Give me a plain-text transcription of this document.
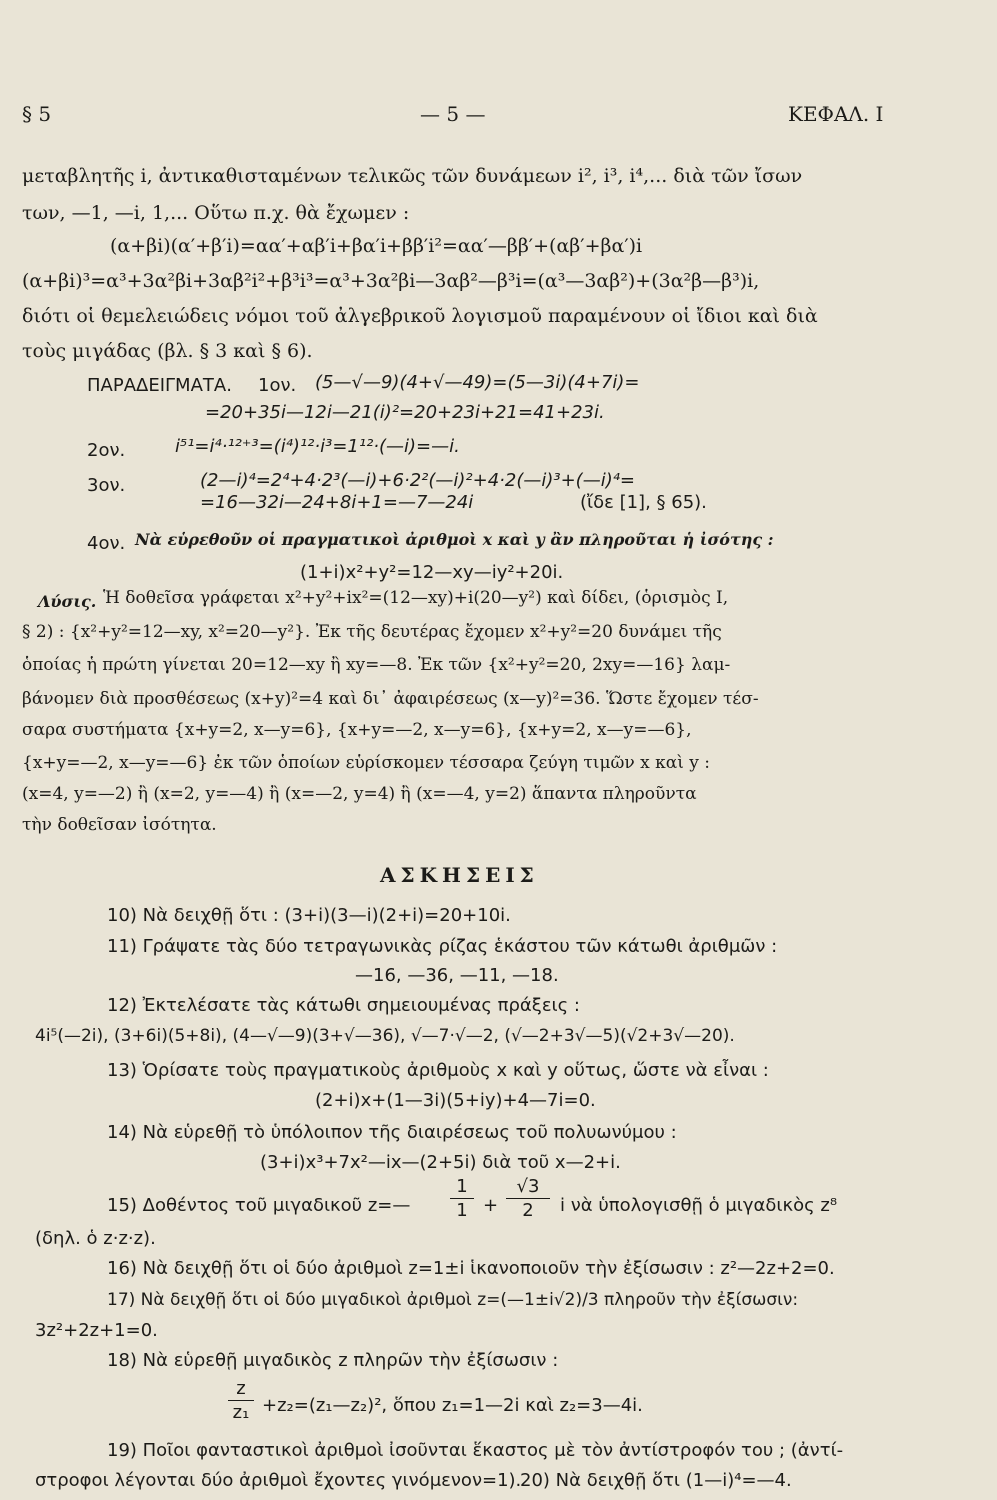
§ 5	— 5 —	ΚΕΦΑΛ. I
μεταβλητῆς i, ἀντικαθισταμένων τελικῶς τῶν δυνάμεων i², i³, i⁴,... διὰ τῶν ἴσων
των, —1, —i, 1,... Οὕτω π.χ. θὰ ἔχωμεν :
(α+βi)(α′+β′i)=αα′+αβ′i+βα′i+ββ′i²=αα′—ββ′+(αβ′+βα′)i
(α+βi)³=α³+3α²βi+3αβ²i²+β³i³=α³+3α²βi—3αβ²—β³i=(α³—3αβ²)+(3α²β—β³)i,
διότι οἱ θεμελειώδεις νόμοι τοῦ ἀλγεβρικοῦ λογισμοῦ παραμένουν οἱ ἴδιοι καὶ διὰ
τοὺς μιγάδας (βλ. § 3 καὶ § 6).
ΠΑΡΑΔΕΙΓΜΑΤΑ. 1ον. (5—√—9)(4+√—49)=(5—3i)(4+7i)=
=20+35i—12i—21(i)²=20+23i+21=41+23i.
2ον.	i⁵¹=i⁴·¹²⁺³=(i⁴)¹²·i³=1¹²·(—i)=—i.
3ον.	(2—i)⁴=2⁴+4·2³(—i)+6·2²(—i)²+4·2(—i)³+(—i)⁴=
=16—32i—24+8i+1=—7—24i	(ἴδε [1], § 65).
4ον. Νὰ εὑρεθοῦν οἱ πραγματικοὶ ἀριθμοὶ x καὶ y ἂν πληροῦται ἡ ἰσότης :
(1+i)x²+y²=12—xy—iy²+20i.
Λύσις. Ἡ δοθεῖσα γράφεται x²+y²+ix²=(12—xy)+i(20—y²) καὶ δίδει, (ὁρισμὸς I,
§ 2) : {x²+y²=12—xy, x²=20—y²}. Ἐκ τῆς δευτέρας ἔχομεν x²+y²=20 δυνάμει τῆς
ὁποίας ἡ πρώτη γίνεται 20=12—xy ἢ xy=—8. Ἐκ τῶν {x²+y²=20, 2xy=—16} λαμ-
βάνομεν διὰ προσθέσεως (x+y)²=4 καὶ δι᾽ ἀφαιρέσεως (x—y)²=36. Ὥστε ἔχομεν τέσ-
σαρα συστήματα {x+y=2, x—y=6}, {x+y=—2, x—y=6}, {x+y=2, x—y=—6},
{x+y=—2, x—y=—6} ἐκ τῶν ὁποίων εὑρίσκομεν τέσσαρα ζεύγη τιμῶν x καὶ y :
(x=4, y=—2) ἢ (x=2, y=—4) ἢ (x=—2, y=4) ἢ (x=—4, y=2) ἅπαντα πληροῦντα
τὴν δοθεῖσαν ἰσότητα.
ΑΣΚΗΣΕΙΣ
10) Νὰ δειχθῇ ὅτι : (3+i)(3—i)(2+i)=20+10i.
11) Γράψατε τὰς δύο τετραγωνικὰς ρίζας ἑκάστου τῶν κάτωθι ἀριθμῶν :
—16, —36, —11, —18.
12) Ἐκτελέσατε τὰς κάτωθι σημειουμένας πράξεις :
4i⁵(—2i), (3+6i)(5+8i), (4—√—9)(3+√—36), √—7·√—2, (√—2+3√—5)(√2+3√—20).
13) Ὁρίσατε τοὺς πραγματικοὺς ἀριθμοὺς x καὶ y οὕτως, ὥστε νὰ εἶναι :
(2+i)x+(1—3i)(5+iy)+4—7i=0.
14) Νὰ εὑρεθῇ τὸ ὑπόλοιπον τῆς διαιρέσεως τοῦ πολυωνύμου :
(3+i)x³+7x²—ix—(2+5i) διὰ τοῦ x—2+i.
15) Δοθέντος τοῦ μιγαδικοῦ z=—
1
1 +
√3
2	i νὰ ὑπολογισθῇ ὁ μιγαδικὸς z⁸
(δηλ. ὁ z·z·z).
16) Νὰ δειχθῇ ὅτι οἱ δύο ἀριθμοὶ z=1±i ἱκανοποιοῦν τὴν ἐξίσωσιν : z²—2z+2=0.
17) Νὰ δειχθῇ ὅτι οἱ δύο μιγαδικοὶ ἀριθμοὶ z=(—1±i√2)/3 πληροῦν τὴν ἐξίσωσιν:
3z²+2z+1=0.
18) Νὰ εὑρεθῇ μιγαδικὸς z πληρῶν τὴν ἐξίσωσιν :
z
z₁ +z₂=(z₁—z₂)², ὅπου z₁=1—2i καὶ z₂=3—4i.
19) Ποῖοι φανταστικοὶ ἀριθμοὶ ἰσοῦνται ἕκαστος μὲ τὸν ἀντίστροφόν του ; (ἀντί-
στροφοι λέγονται δύο ἀριθμοὶ ἔχοντες γινόμενον=1).
20) Νὰ δειχθῇ ὅτι (1—i)⁴=—4.
